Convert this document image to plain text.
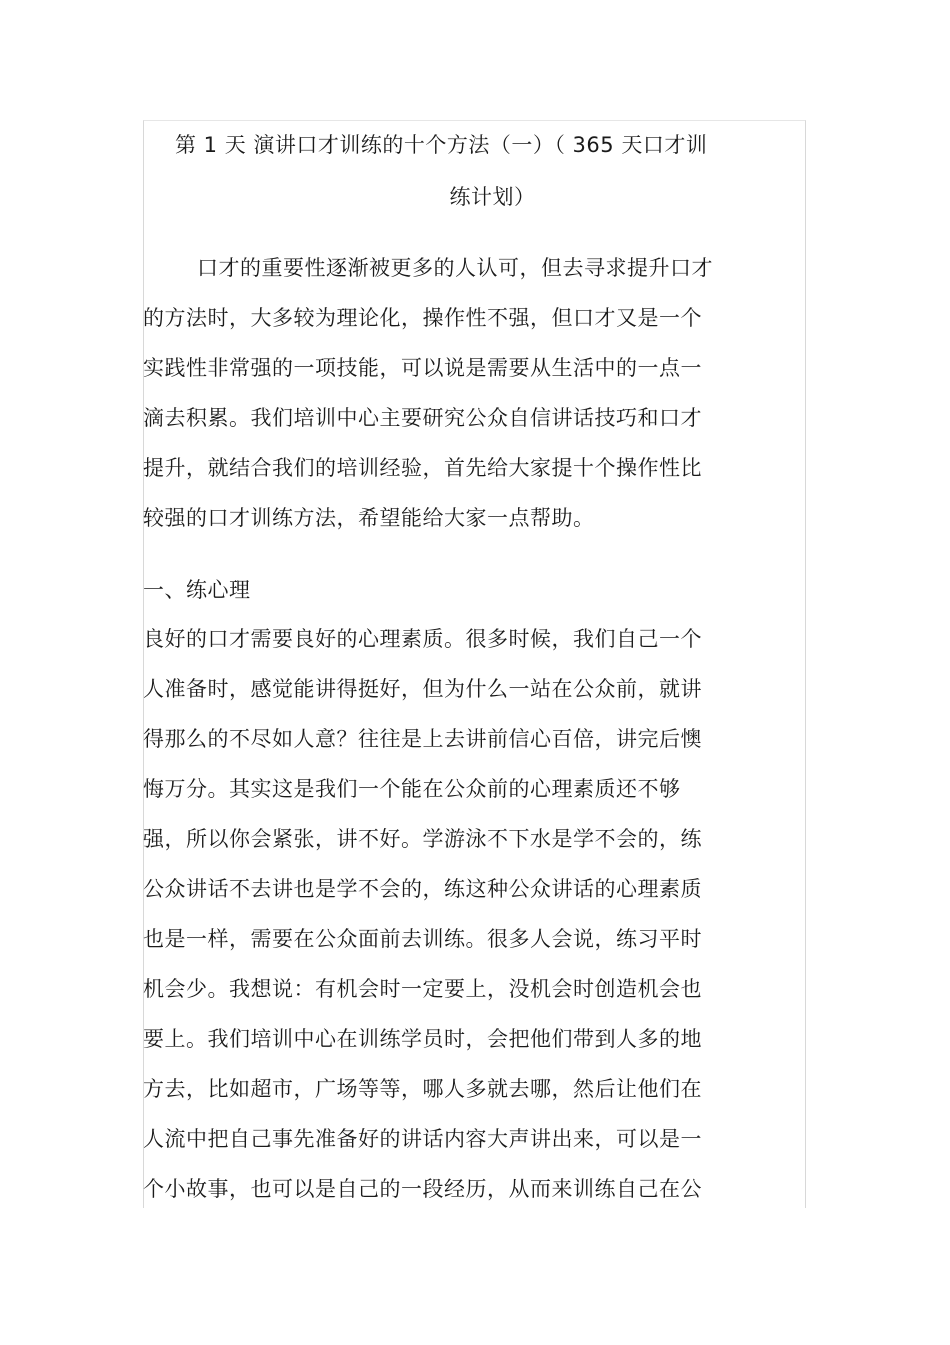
第 1 天 演讲口才训练的十个方法（一）（ 365 天口才训
练计划）
口才的重要性逐渐被更多的人认可，但去寻求提升口才
的方法时，大多较为理论化，操作性不强，但口才又是一个
实践性非常强的一项技能，可以说是需要从生活中的一点一
滴去积累。我们培训中心主要研究公众自信讲话技巧和口才
提升，就结合我们的培训经验，首先给大家提十个操作性比
较强的口才训练方法，希望能给大家一点帮助。
一、练心理
良好的口才需要良好的心理素质。很多时候，我们自己一个
人准备时，感觉能讲得挺好，但为什么一站在公众前，就讲
得那么的不尽如人意？往往是上去讲前信心百倍，讲完后懊
悔万分。其实这是我们一个能在公众前的心理素质还不够
强，所以你会紧张，讲不好。学游泳不下水是学不会的，练
公众讲话不去讲也是学不会的，练这种公众讲话的心理素质
也是一样，需要在公众面前去训练。很多人会说，练习平时
机会少。我想说：有机会时一定要上，没机会时创造机会也
要上。我们培训中心在训练学员时，会把他们带到人多的地
方去，比如超市，广场等等，哪人多就去哪，然后让他们在
人流中把自己事先准备好的讲话内容大声讲出来，可以是一
个小故事，也可以是自己的一段经历，从而来训练自己在公
